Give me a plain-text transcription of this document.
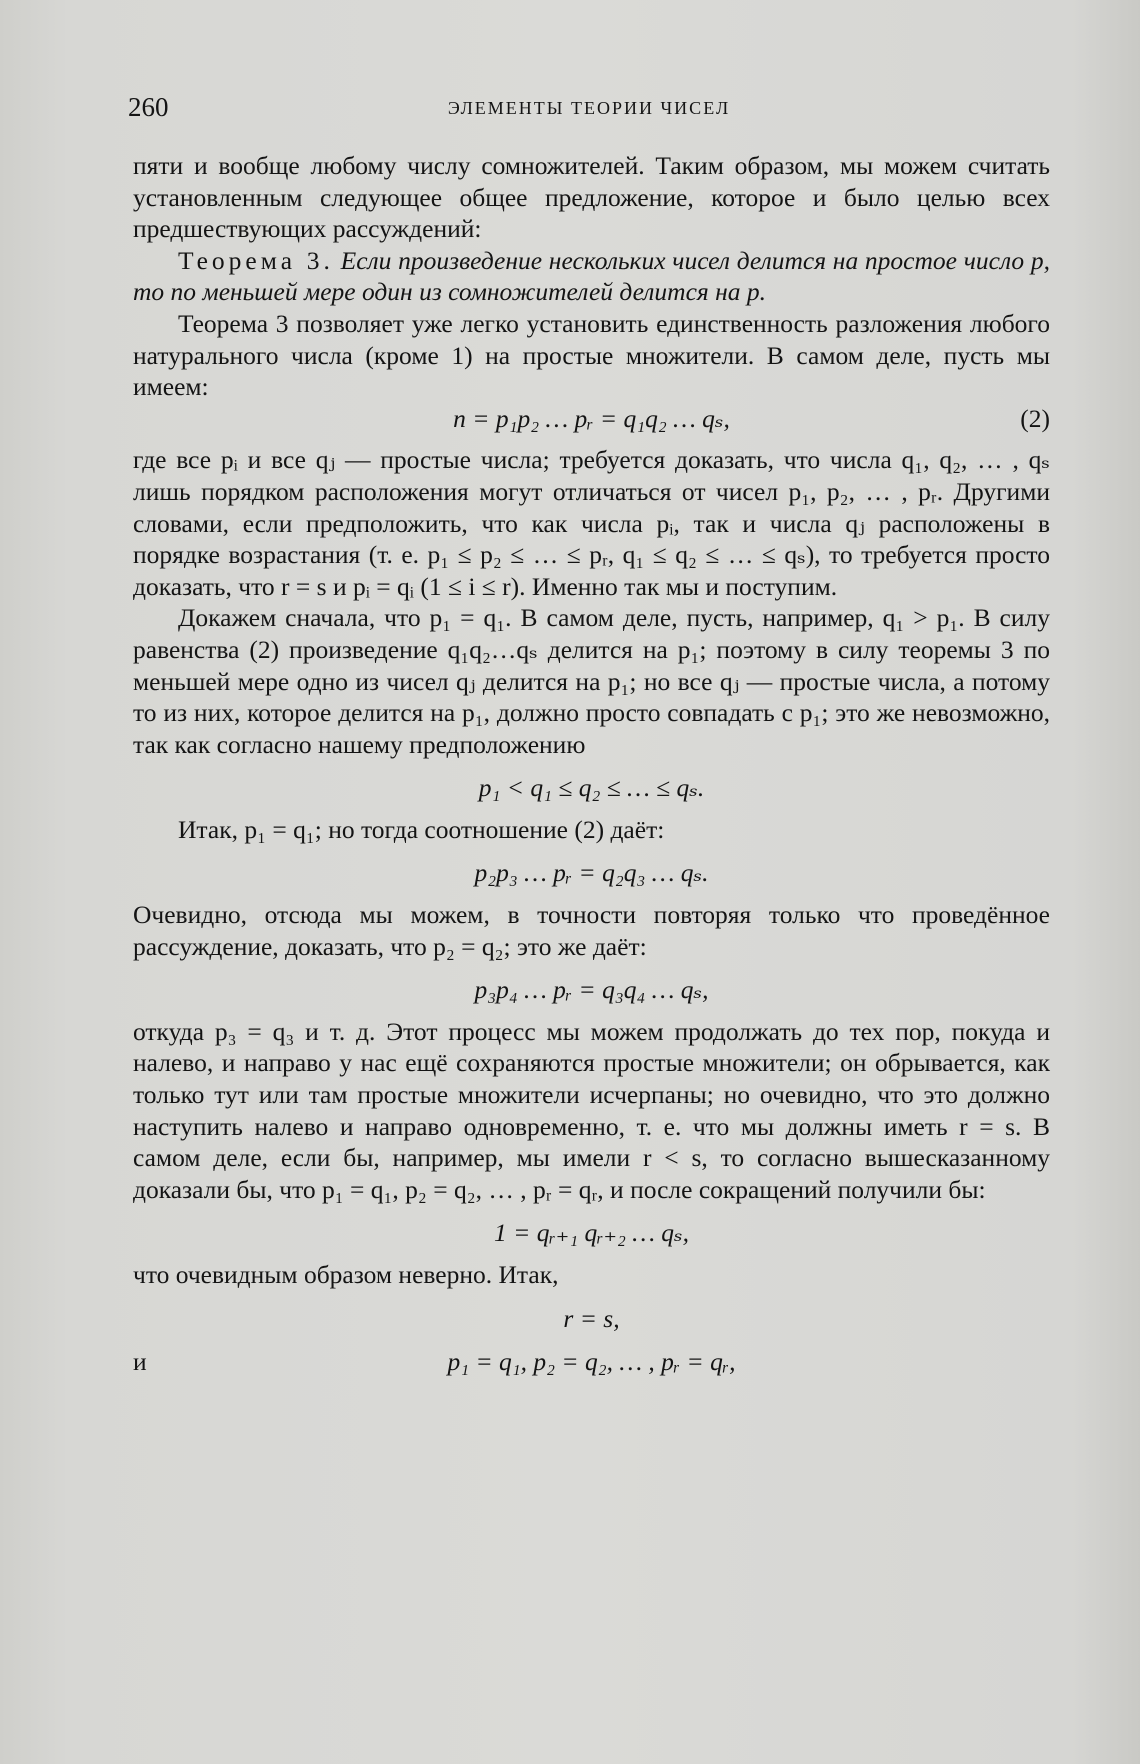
260	ЭЛЕМЕНТЫ ТЕОРИИ ЧИСЕЛ

пяти и вообще любому числу сомножителей. Таким образом, мы можем считать установленным следующее общее предложение, которое и было целью всех предшествующих рассуждений:

Теорема 3. Если произведение нескольких чисел делится на простое число p, то по меньшей мере один из сомножителей делится на p.

Теорема 3 позволяет уже легко установить единственность разложения любого натурального числа (кроме 1) на простые множители. В самом деле, пусть мы имеем:

n = p₁p₂ … pᵣ = q₁q₂ … qₛ,	(2)

где все pᵢ и все qⱼ — простые числа; требуется доказать, что числа q₁, q₂, … , qₛ лишь порядком расположения могут отличаться от чисел p₁, p₂, … , pᵣ. Другими словами, если предположить, что как числа pᵢ, так и числа qⱼ расположены в порядке возрастания (т. е. p₁ ≤ p₂ ≤ … ≤ pᵣ, q₁ ≤ q₂ ≤ … ≤ qₛ), то требуется просто доказать, что r = s и pᵢ = qᵢ (1 ≤ i ≤ r). Именно так мы и поступим.

Докажем сначала, что p₁ = q₁. В самом деле, пусть, например, q₁ > p₁. В силу равенства (2) произведение q₁q₂…qₛ делится на p₁; поэтому в силу теоремы 3 по меньшей мере одно из чисел qⱼ делится на p₁; но все qⱼ — простые числа, а потому то из них, которое делится на p₁, должно просто совпадать с p₁; это же невозможно, так как согласно нашему предположению

p₁ < q₁ ≤ q₂ ≤ … ≤ qₛ.

Итак, p₁ = q₁; но тогда соотношение (2) даёт:

p₂p₃ … pᵣ = q₂q₃ … qₛ.

Очевидно, отсюда мы можем, в точности повторяя только что проведённое рассуждение, доказать, что p₂ = q₂; это же даёт:

p₃p₄ … pᵣ = q₃q₄ … qₛ,

откуда p₃ = q₃ и т. д. Этот процесс мы можем продолжать до тех пор, покуда и налево, и направо у нас ещё сохраняются простые множители; он обрывается, как только тут или там простые множители исчерпаны; но очевидно, что это должно наступить налево и направо одновременно, т. е. что мы должны иметь r = s. В самом деле, если бы, например, мы имели r < s, то согласно вышесказанному доказали бы, что p₁ = q₁, p₂ = q₂, … , pᵣ = qᵣ, и после сокращений получили бы:

1 = qᵣ₊₁ qᵣ₊₂ … qₛ,

что очевидным образом неверно. Итак,

r = s,
и	p₁ = q₁, p₂ = q₂, … , pᵣ = qᵣ,
